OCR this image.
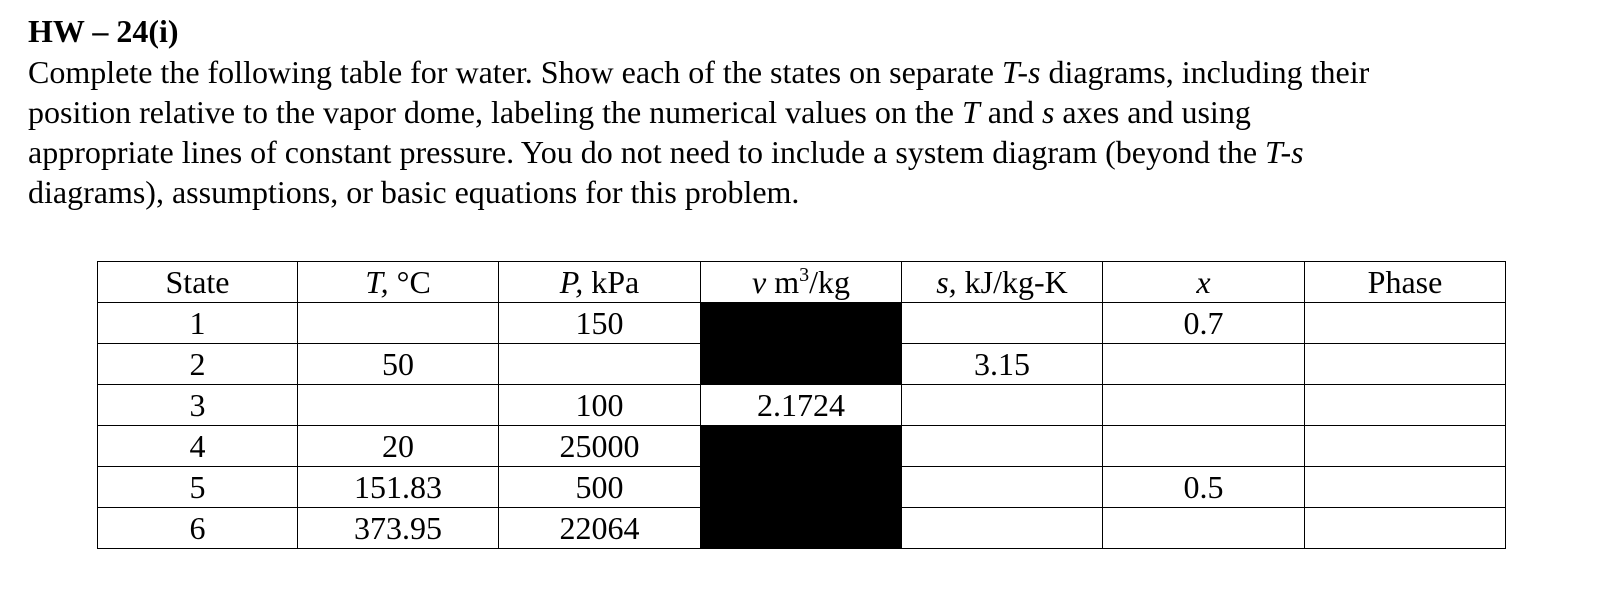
HW – 24(i)

Complete the following table for water. Show each of the states on separate T-s diagrams, including their

position relative to the vapor dome, labeling the numerical values on the T and s axes and using

appropriate lines of constant pressure. You do not need to include a system diagram (beyond the T-s

diagrams), assumptions, or basic equations for this problem.

State	T, °C	P, kPa	v $m^3/kg$	s, kJ/kg-K	x	Phase
1		150			0.7	
2	50			3.15		
3		100	2.1724			
4	20	25000				
5	151.83	500			0.5	
6	373.95	22064				
